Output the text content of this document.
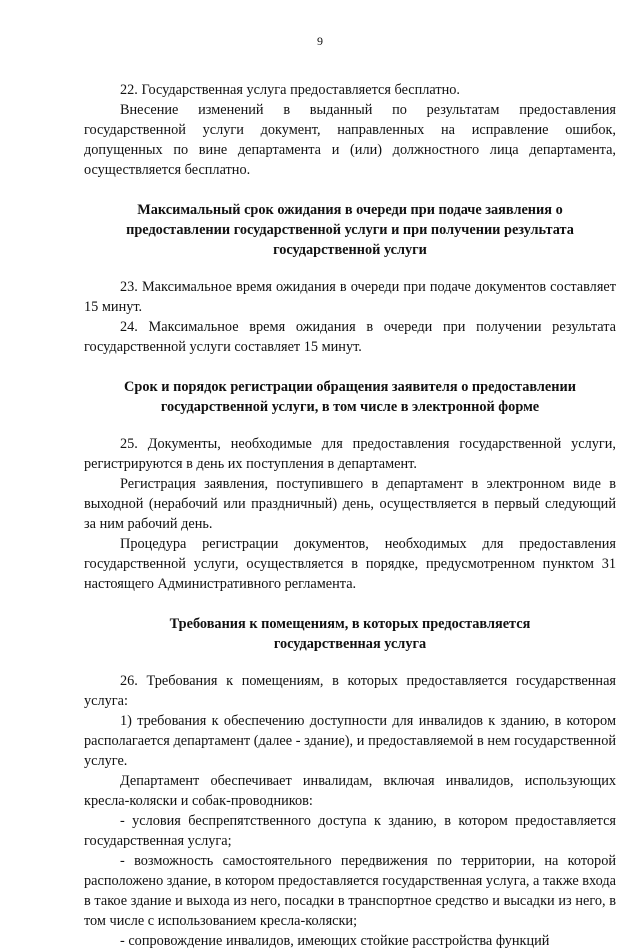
9

22. Государственная услуга предоставляется бесплатно.

Внесение изменений в выданный по результатам предоставления государственной услуги документ, направленных на исправление ошибок, допущенных по вине департамента и (или) должностного лица департамента, осуществляется бесплатно.

Максимальный срок ожидания в очереди при подаче заявления о предоставлении государственной услуги и при получении результата государственной услуги

23. Максимальное время ожидания в очереди при подаче документов составляет 15 минут.

24. Максимальное время ожидания в очереди при получении результата государственной услуги составляет 15 минут.

Срок и порядок регистрации обращения заявителя о предоставлении государственной услуги, в том числе в электронной форме

25. Документы, необходимые для предоставления государственной услуги, регистрируются в день их поступления в департамент.

Регистрация заявления, поступившего в департамент в электронном виде в выходной (нерабочий или праздничный) день, осуществляется в первый следующий за ним рабочий день.

Процедура регистрации документов, необходимых для предоставления государственной услуги, осуществляется в порядке, предусмотренном пунктом 31 настоящего Административного регламента.

Требования к помещениям, в которых предоставляется государственная услуга

26. Требования к помещениям, в которых предоставляется государственная услуга:

1) требования к обеспечению доступности для инвалидов к зданию, в котором располагается департамент (далее - здание), и предоставляемой в нем государственной услуге.

Департамент обеспечивает инвалидам, включая инвалидов, использующих кресла-коляски и собак-проводников:

- условия беспрепятственного доступа к зданию, в котором предоставляется государственная услуга;

- возможность самостоятельного передвижения по территории, на которой расположено здание, в котором предоставляется государственная услуга, а также входа в такое здание и выхода из него, посадки в транспортное средство и высадки из него, в том числе с использованием кресла-коляски;

- сопровождение инвалидов, имеющих стойкие расстройства функций
